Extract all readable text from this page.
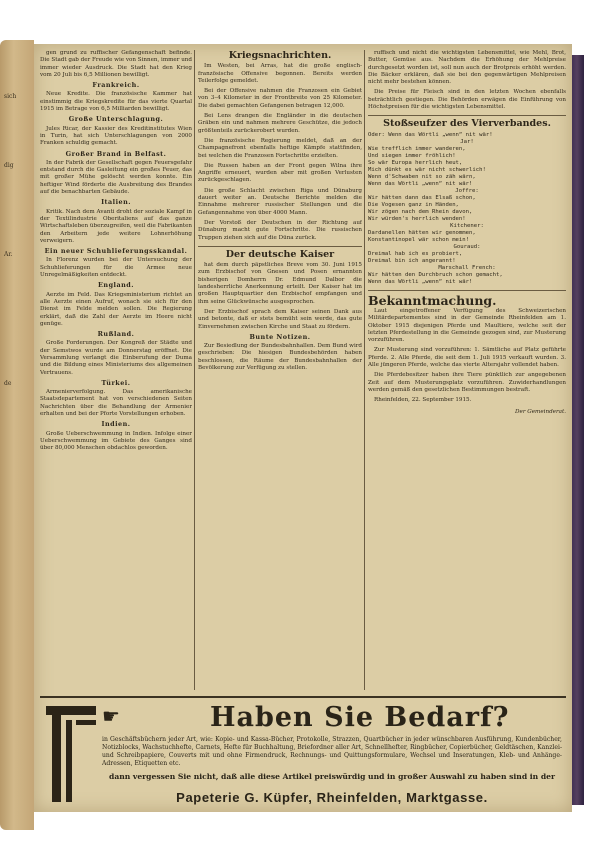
sich
dig
Ar.
de

gen grund zu ruffischer Gefangenschaft befinde. Die Stadt gab der Freude wie von Sinnen, immer und immer wieder Ausdruck. Die Stadt hat den Krieg vom 20 Juli bis 6,5 Millionen bewilligt.

Frankreich.

Neue Kredite. Die französische Kammer hat einstimmig die Kriegskredite für das vierte Quartal 1915 im Betrage von 6,5 Milliarden bewilligt.

Große Unterschlagung.

Jules Ricar, der Kassier des Kreditinstitutes Wien in Turin, hat sich Unterschlagungen von 2000 Franken schuldig gemacht.

Großer Brand in Belfast.

In der Fabrik der Gesellschaft gegen Feuersgefahr entstand durch die Gasleitung ein großes Feuer, das mit großer Mühe gelöscht werden konnte. Ein heftiger Wind förderte die Ausbreitung des Brandes auf die benachbarten Gebäude.

Italien.

Kritik. Nach dem Avanti droht der soziale Kampf in der Textilindustrie Oberitaliens auf das ganze Wirtschaftsleben überzugreifen, weil die Fabrikanten den Arbeitern jede weitere Lohnerhöhung verweigern.

Ein neuer Schuhlieferungsskandal.

In Florenz wurden bei der Untersuchung der Schuhlieferungen für die Armee neue Unregelmäßigkeiten entdeckt.

England.

Aerzte im Feld. Das Kriegsministerium richtet an alle Aerzte einen Aufruf, wonach sie sich für den Dienst im Felde melden sollen. Die Regierung erklärt, daß die Zahl der Aerzte im Heere nicht genüge.

Rußland.

Große Forderungen. Der Kongreß der Städte und der Semstwos wurde am Donnerstag eröffnet. Die Versammlung verlangt die Einberufung der Duma und die Bildung eines Ministeriums des allgemeinen Vertrauens.

Türkei.

Armenierverfolgung. Das amerikanische Staatsdepartement hat von verschiedenen Seiten Nachrichten über die Behandlung der Armenier erhalten und bei der Pforte Vorstellungen erhoben.

Indien.

Große Ueberschwemmung in Indien. Infolge einer Ueberschwemmung im Gebiete des Ganges sind über 80,000 Menschen obdachlos geworden.

Kriegsnachrichten.

Im Westen, bei Arras, hat die große englisch-französische Offensive begonnen. Bereits werden Teilerfolge gemeldet.

Bei der Offensive nahmen die Franzosen ein Gebiet von 3–4 Kilometer in der Frontbreite von 25 Kilometer. Die dabei gemachten Gefangenen betragen 12,000.

Bei Lens drangen die Engländer in die deutschen Gräben ein und nahmen mehrere Geschütze, die jedoch größtenteils zurückerobert wurden.

Die französische Regierung meldet, daß an der Champagnefront ebenfalls heftige Kämpfe stattfinden, bei welchen die Franzosen Fortschritte erzielten.

Die Russen haben an der Front gegen Wilna ihre Angriffe erneuert, wurden aber mit großen Verlusten zurückgeschlagen.

Die große Schlacht zwischen Riga und Dünaburg dauert weiter an. Deutsche Berichte melden die Einnahme mehrerer russischer Stellungen und die Gefangennahme von über 4000 Mann.

Der Vorstoß der Deutschen in der Richtung auf Dünaburg macht gute Fortschritte. Die russischen Truppen ziehen sich auf die Düna zurück.

Der deutsche Kaiser

hat dem durch päpstliches Breve vom 30. Juni 1915 zum Erzbischof von Gnesen und Posen ernannten bisherigen Domherrn Dr. Edmund Dalbor die landesherrliche Anerkennung erteilt. Der Kaiser hat im großen Hauptquartier den Erzbischof empfangen und ihm seine Glückwünsche ausgesprochen.

Der Erzbischof sprach dem Kaiser seinen Dank aus und betonte, daß er stets bemüht sein werde, das gute Einvernehmen zwischen Kirche und Staat zu fördern.

Bunte Notizen.

Zur Besiedlung der Bundesbahnhallen. Dem Bund wird geschrieben: Die hiesigen Bundesbehörden haben beschlossen, die Räume der Bundesbahnhallen der Bevölkerung zur Verfügung zu stellen.

ruffisch und nicht die wichtigsten Lebensmittel, wie Mehl, Brot, Butter, Gemüse aus. Nachdem die Erhöhung der Mehlpreise durchgesetzt worden ist, soll nun auch der Brotpreis erhöht werden. Die Bäcker erklären, daß sie bei den gegenwärtigen Mehlpreisen nicht mehr bestehen können.

Die Preise für Fleisch sind in den letzten Wochen ebenfalls beträchtlich gestiegen. Die Behörden erwägen die Einführung von Höchstpreisen für die wichtigsten Lebensmittel.

Stoßseufzer des Vierverbandes.
Oder: Wenn das Wörtli „wenn“ nit wär!
Jar!
Wie trefflich immer wanderen,
Und siegen immer fröhlich!
So wär Europa herrlich heut,
Mich dünkt es wär nicht schwerlich!
Wenn d'Schwaben nit so zäh wärn,
Wenn das Wörtli „wenn“ nit wär!
Joffre:
Wir hätten dann das Elsaß schon,
Die Vogesen ganz in Händen,
Wir zögen nach dem Rhein davon,
Wir würden's herrlich wenden!
Kitchener:
Dardanellen hätten wir genommen,
Konstantinopel wär schon mein!
Gouraud:
Dreimal hab ich es probiert,
Dreimal bin ich angerannt!
Marschall French:
Wir hätten den Durchbruch schon gemacht,
Wenn das Wörtli „wenn“ nit wär!
Bekanntmachung.

Laut eingetroffener Verfügung des Schweizerischen Militärdepartementes sind in der Gemeinde Rheinfelden am 1. Oktober 1915 diejenigen Pferde und Maultiere, welche seit der letzten Pferdestellung in die Gemeinde gezogen sind, zur Musterung vorzuführen.

Zur Musterung sind vorzuführen: 1. Sämtliche auf Platz geführte Pferde. 2. Alle Pferde, die seit dem 1. Juli 1915 verkauft wurden. 3. Alle jüngeren Pferde, welche das vierte Altersjahr vollendet haben.

Die Pferdebesitzer haben ihre Tiere pünktlich zur angegebenen Zeit auf dem Musterungsplatz vorzuführen. Zuwiderhandlungen werden gemäß den gesetzlichen Bestimmungen bestraft.

Rheinfelden, 22. September 1915.

Der Gemeinderat.
☛	Haben Sie Bedarf?
in Geschäftsbüchern jeder Art, wie: Kopie- und Kassa-Bücher, Protokolle, Strazzen, Quartbücher in jeder wünschbaren Ausführung, Kundenbücher, Notizblocks, Wachstuchhefte, Carnets, Hefte für Buchhaltung, Briefordner aller Art, Schnellhefter, Ringbücher, Copierbücher, Geldtäschen, Kanzlei- und Schreibpapiere, Couverts mit und ohne Firmendruck, Rechnungs- und Quittungsformulare, Wechsel und Inseratungen, Kleb- und Anhänge-Adressen, Etiquetten etc.
dann vergessen Sie nicht, daß alle diese Artikel preiswürdig und in großer Auswahl zu haben sind in der
Papeterie G. Küpfer, Rheinfelden, Marktgasse.
